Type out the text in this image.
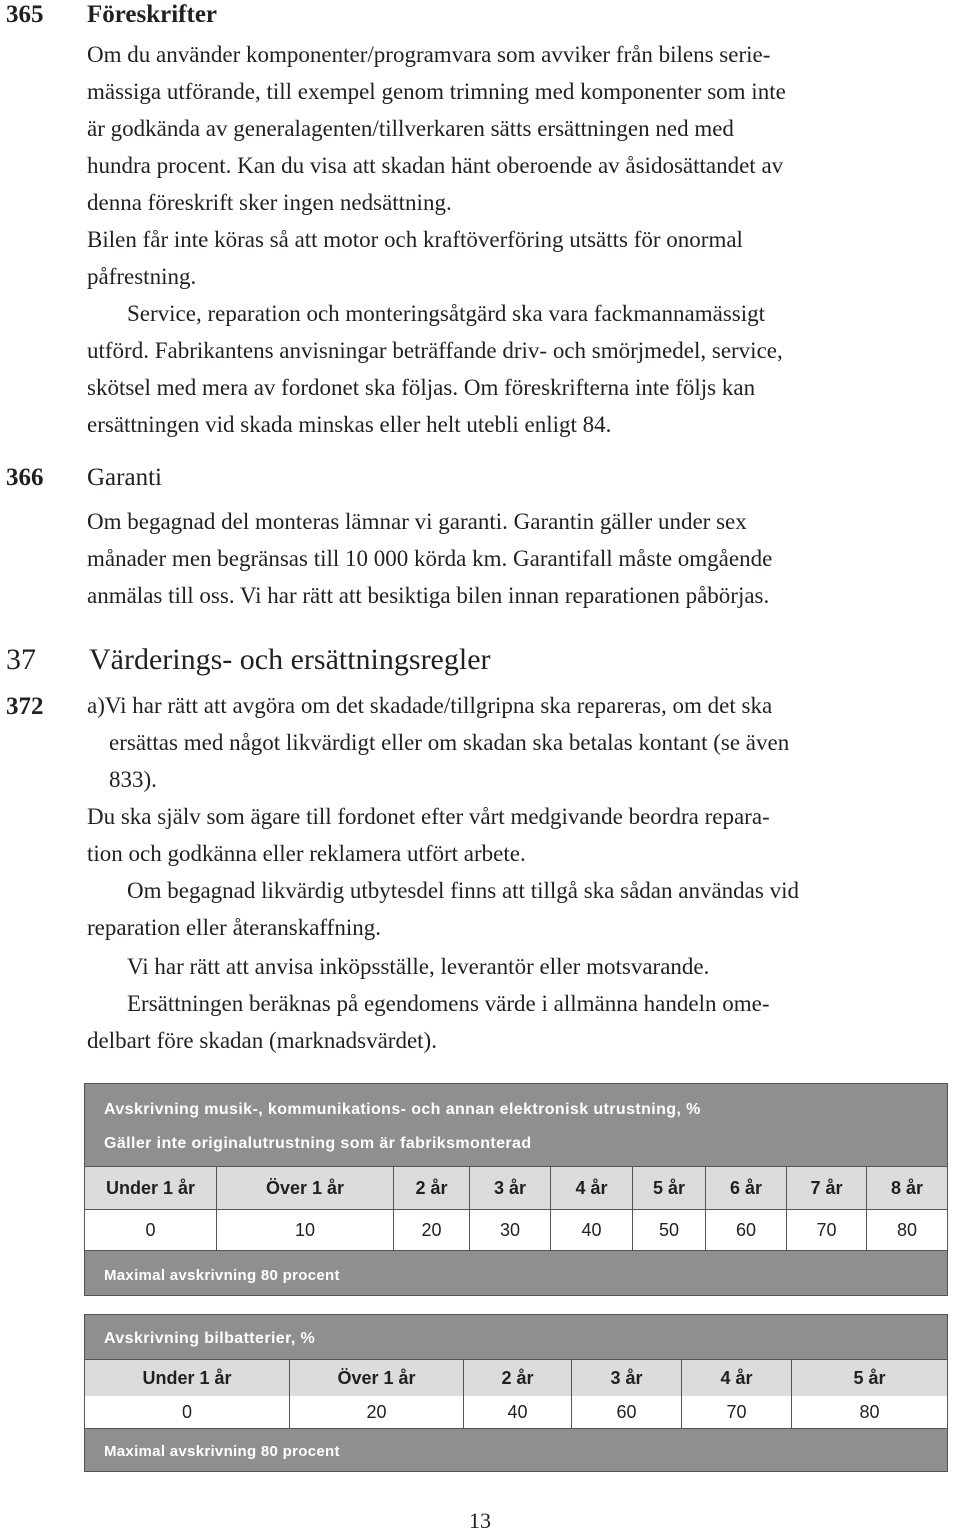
365 Föreskrifter
Om du använder komponenter/programvara som avviker från bilens serie-
mässiga utförande, till exempel genom trimning med komponenter som inte
är godkända av generalagenten/tillverkaren sätts ersättningen ned med
hundra procent. Kan du visa att skadan hänt oberoende av åsidosättandet av
denna föreskrift sker ingen nedsättning.
Bilen får inte köras så att motor och kraftöverföring utsätts för onormal
påfrestning.
Service, reparation och monteringsåtgärd ska vara fackmannamässigt
utförd. Fabrikantens anvisningar beträffande driv- och smörjmedel, service,
skötsel med mera av fordonet ska följas. Om föreskrifterna inte följs kan
ersättningen vid skada minskas eller helt utebli enligt 84.
366 Garanti
Om begagnad del monteras lämnar vi garanti. Garantin gäller under sex
månader men begränsas till 10 000 körda km. Garantifall måste omgående
anmälas till oss. Vi har rätt att besiktiga bilen innan reparationen påbörjas.
37 Värderings- och ersättningsregler
372 a)Vi har rätt att avgöra om det skadade/tillgripna ska repareras, om det ska
ersättas med något likvärdigt eller om skadan ska betalas kontant (se även
833).
Du ska själv som ägare till fordonet efter vårt medgivande beordra repara-
tion och godkänna eller reklamera utfört arbete.
Om begagnad likvärdig utbytesdel finns att tillgå ska sådan användas vid
reparation eller återanskaffning.
Vi har rätt att anvisa inköpsställe, leverantör eller motsvarande.
Ersättningen beräknas på egendomens värde i allmänna handeln ome-
delbart före skadan (marknadsvärdet).
Avskrivning musik-, kommunikations- och annan elektronisk utrustning, %
Gäller inte originalutrustning som är fabriksmonterad
Under 1 år	Över 1 år	2 år	3 år	4 år	5 år	6 år	7 år	8 år
0	10	20	30	40	50	60	70	80
Maximal avskrivning 80 procent
Avskrivning bilbatterier, %
Under 1 år	Över 1 år	2 år	3 år	4 år	5 år
0	20	40	60	70	80
Maximal avskrivning 80 procent
13
